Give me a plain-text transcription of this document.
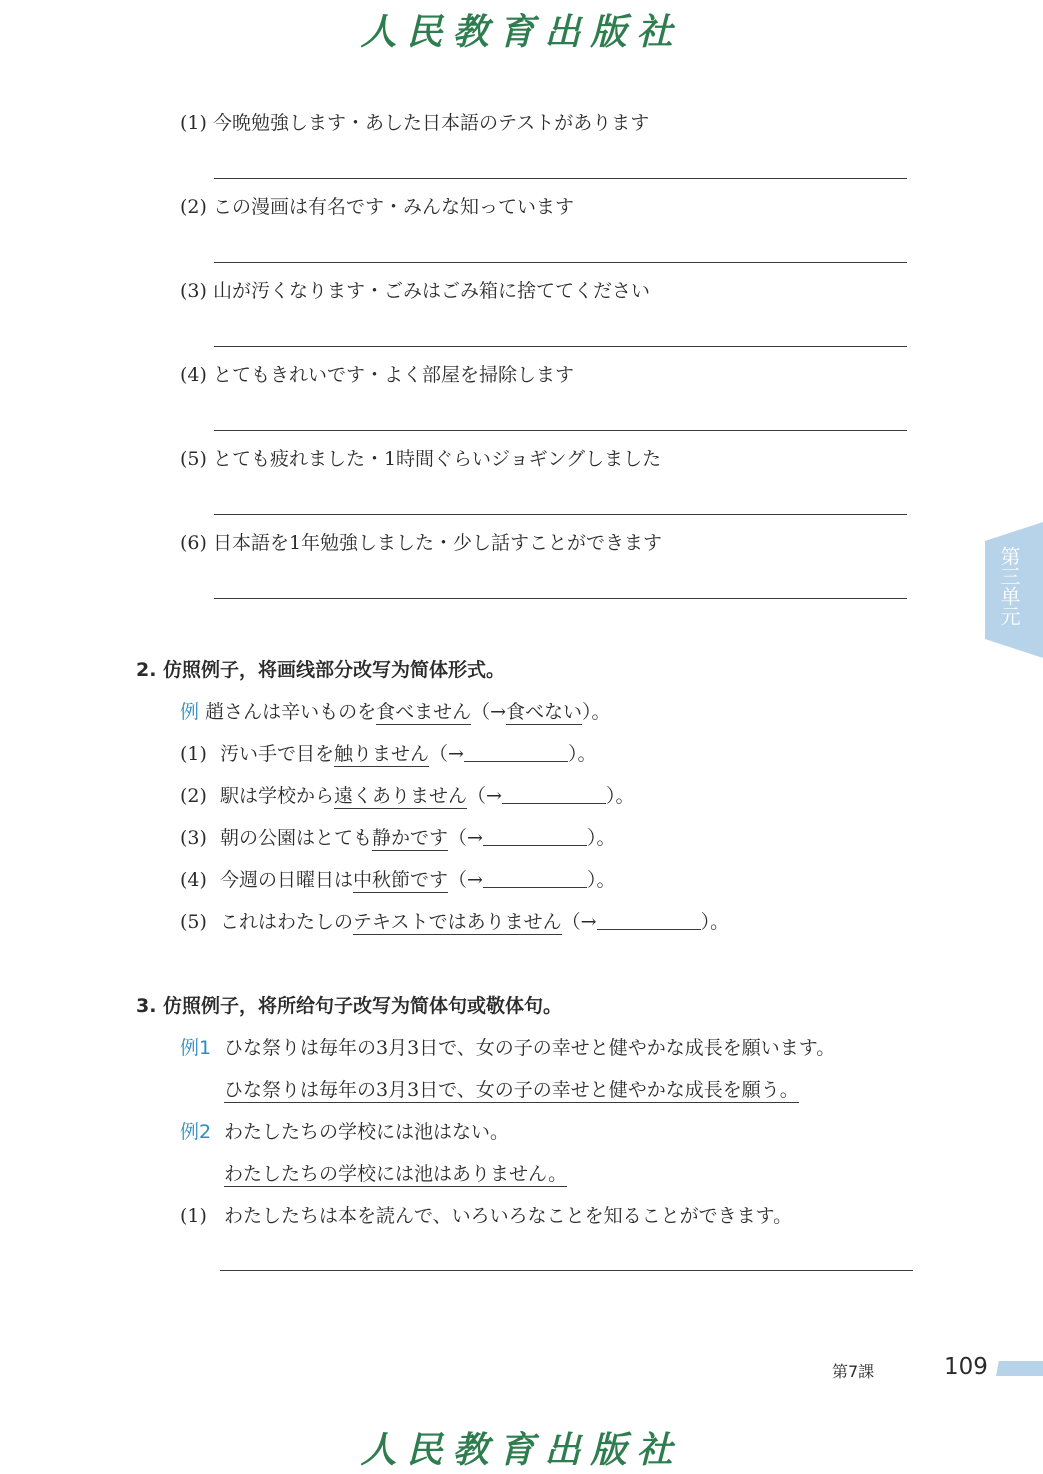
人民教育出版社
(1) 今晩勉強します・あした日本語のテストがあります
(2) この漫画は有名です・みんな知っています
(3) 山が汚くなります・ごみはごみ箱に捨ててください
(4) とてもきれいです・よく部屋を掃除します
(5) とても疲れました・1時間ぐらいジョギングしました
(6) 日本語を1年勉強しました・少し話すことができます
2. 仿照例子，将画线部分改写为简体形式。
例 趙さんは辛いものを食べません（→食べない）。
(1) 汚い手で目を触りません（→	）。
(2) 駅は学校から遠くありません（→	）。
(3) 朝の公園はとても静かです（→	）。
(4) 今週の日曜日は中秋節です（→	）。
(5) これはわたしのテキストではありません（→	）。
3. 仿照例子，将所给句子改写为简体句或敬体句。
例1 ひな祭りは毎年の3月3日で、女の子の幸せと健やかな成長を願います。
ひな祭りは毎年の3月3日で、女の子の幸せと健やかな成長を願う。
例2 わたしたちの学校には池はない。
わたしたちの学校には池はありません。
(1) わたしたちは本を読んで、いろいろなことを知ることができます。
第三单元
第7課	109
人民教育出版社
